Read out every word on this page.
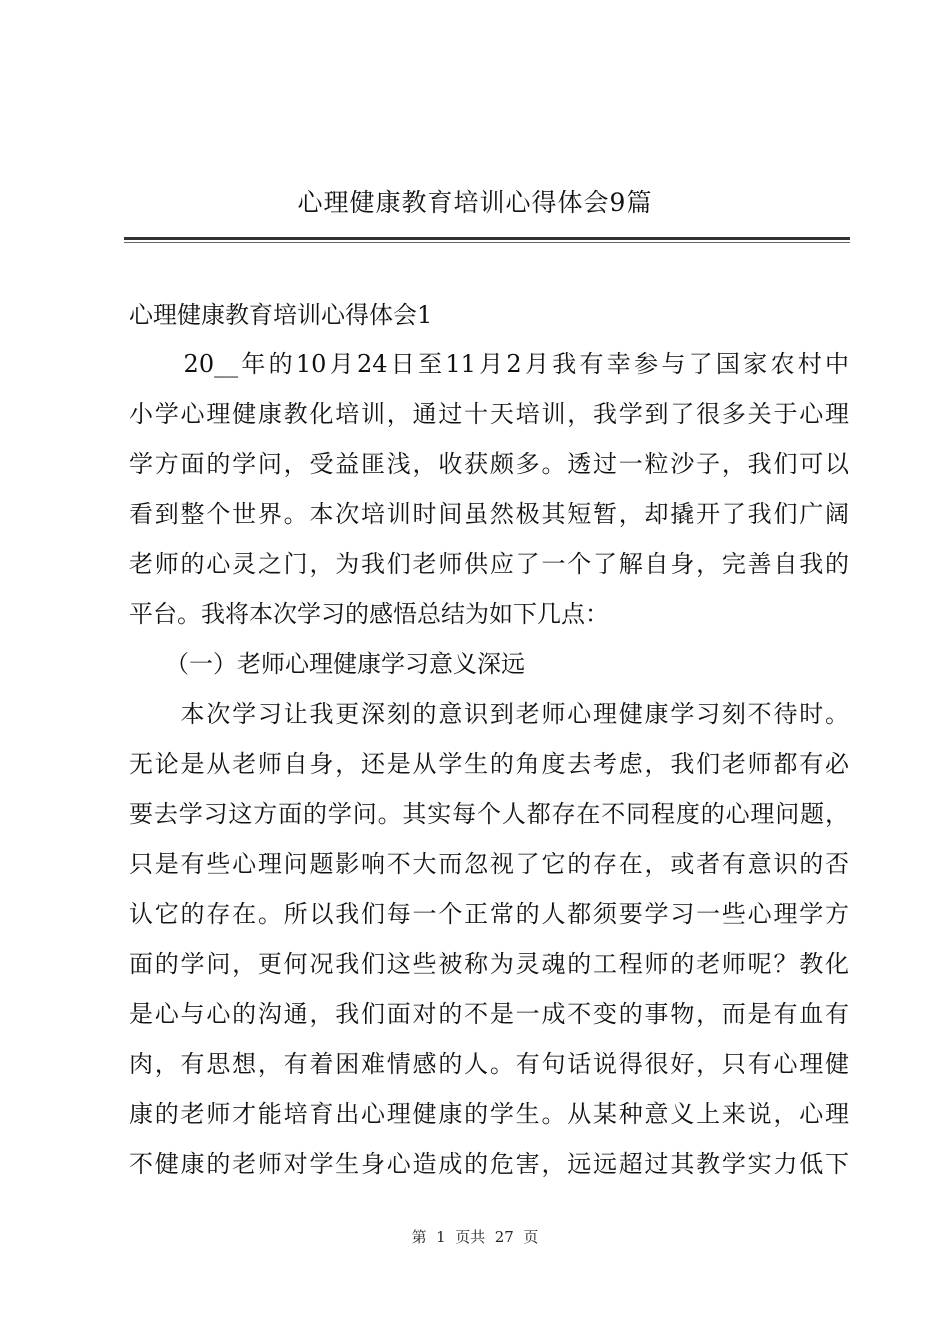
心理健康教育培训心得体会9篇
心理健康教育培训心得体会1
　　20__年的10月24日至11月2月我有幸参与了国家农村中
小学心理健康教化培训，通过十天培训，我学到了很多关于心理
学方面的学问，受益匪浅，收获颇多。透过一粒沙子，我们可以
看到整个世界。本次培训时间虽然极其短暂，却撬开了我们广阔
老师的心灵之门，为我们老师供应了一个了解自身，完善自我的
平台。我将本次学习的感悟总结为如下几点：
　　（一）老师心理健康学习意义深远
　　本次学习让我更深刻的意识到老师心理健康学习刻不待时。
无论是从老师自身，还是从学生的角度去考虑，我们老师都有必
要去学习这方面的学问。其实每个人都存在不同程度的心理问题，
只是有些心理问题影响不大而忽视了它的存在，或者有意识的否
认它的存在。所以我们每一个正常的人都须要学习一些心理学方
面的学问，更何况我们这些被称为灵魂的工程师的老师呢？教化
是心与心的沟通，我们面对的不是一成不变的事物，而是有血有
肉，有思想，有着困难情感的人。有句话说得很好，只有心理健
康的老师才能培育出心理健康的学生。从某种意义上来说，心理
不健康的老师对学生身心造成的危害，远远超过其教学实力低下
第  1  页共  27  页
